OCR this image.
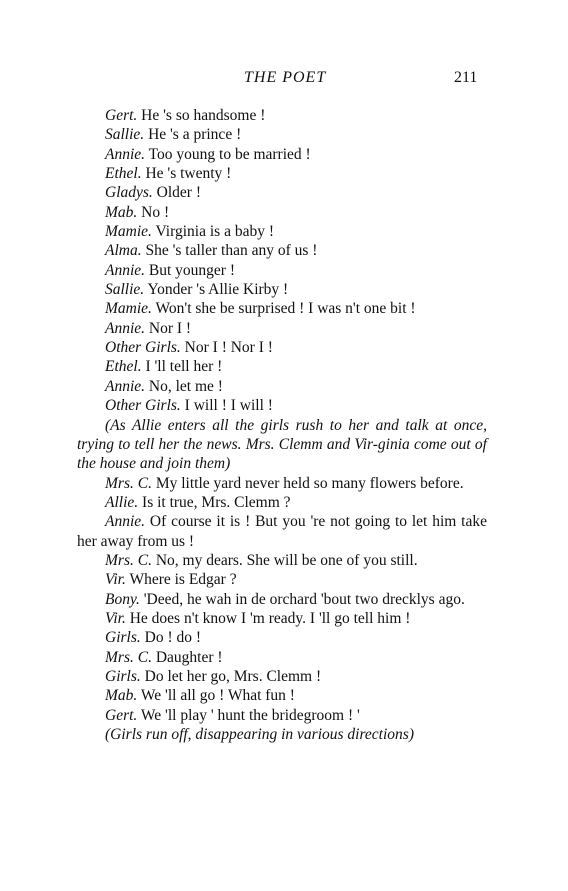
THE POET	211
Gert. He 's so handsome !
Sallie. He 's a prince !
Annie. Too young to be married !
Ethel. He 's twenty !
Gladys. Older !
Mab. No !
Mamie. Virginia is a baby !
Alma. She 's taller than any of us !
Annie. But younger !
Sallie. Yonder 's Allie Kirby !
Mamie. Won't she be surprised ! I was n't one bit !
Annie. Nor I !
Other Girls. Nor I ! Nor I !
Ethel. I 'll tell her !
Annie. No, let me !
Other Girls. I will ! I will !

(As Allie enters all the girls rush to her and talk at once, trying to tell her the news. Mrs. Clemm and Vir-ginia come out of the house and join them)

Mrs. C. My little yard never held so many flowers before.

Allie. Is it true, Mrs. Clemm ?

Annie. Of course it is ! But you 're not going to let him take her away from us !

Mrs. C. No, my dears. She will be one of you still.
Vir. Where is Edgar ?

Bony. 'Deed, he wah in de orchard 'bout two drecklys ago.

Vir. He does n't know I 'm ready. I 'll go tell him !
Girls. Do ! do !
Mrs. C. Daughter !
Girls. Do let her go, Mrs. Clemm !
Mab. We 'll all go ! What fun !
Gert. We 'll play ' hunt the bridegroom ! '
(Girls run off, disappearing in various directions)
